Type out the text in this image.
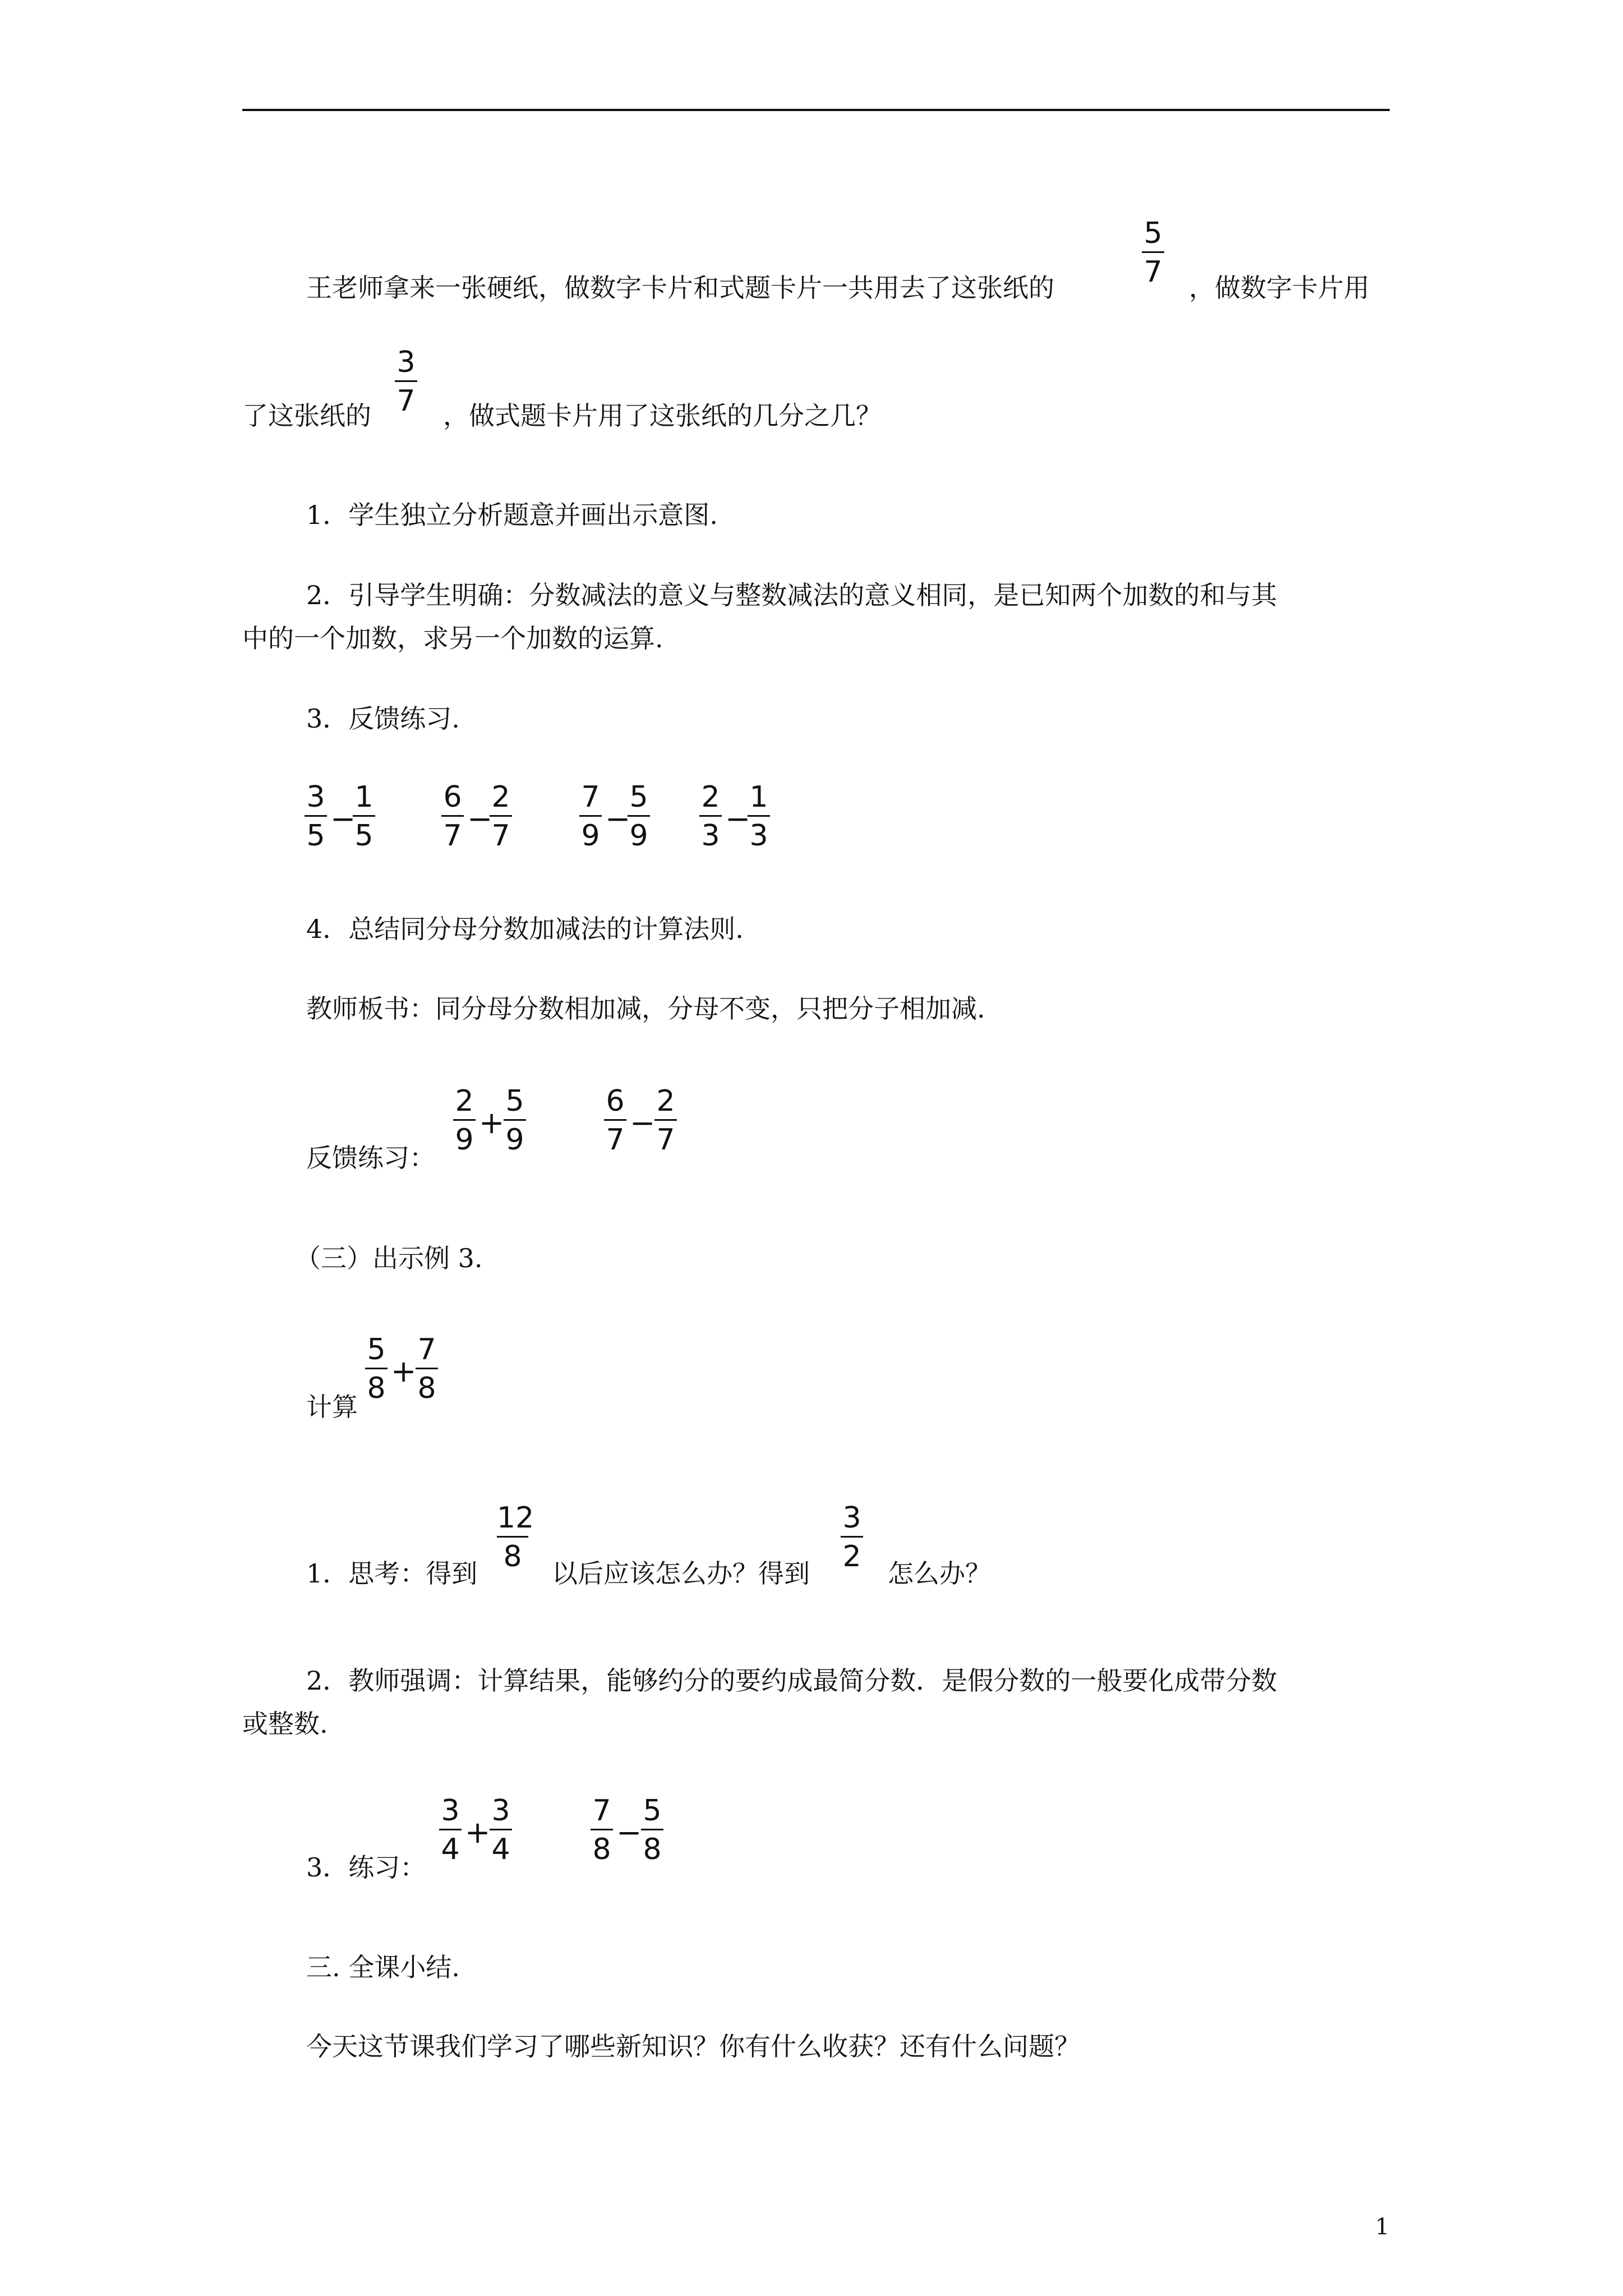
王老师拿来一张硬纸，做数字卡片和式题卡片一共用去了这张纸的
5
7 ，做数字卡片用
了这张纸的
3
7 ，做式题卡片用了这张纸的几分之几？
1．学生独立分析题意并画出示意图.
2．引导学生明确：分数减法的意义与整数减法的意义相同，是已知两个加数的和与其
中的一个加数，求另一个加数的运算.
3．反馈练习.
3
5 −
1
5
6
7 −
2
7
7
9 −
5
9
2
3 −
1
3
4．总结同分母分数加减法的计算法则.
教师板书：同分母分数相加减，分母不变，只把分子相加减.
反馈练习：
2
9 +
5
9
6
7 −
2
7
（三）出示例 3.
计算
5
8 +
7
8
1．思考：得到
12
8 以后应该怎么办？得到
3
2 怎么办？
2．教师强调：计算结果，能够约分的要约成最简分数．是假分数的一般要化成带分数
或整数.
3．练习：
3
4 +
3
4
7
8 −
5
8
三. 全课小结.
今天这节课我们学习了哪些新知识？你有什么收获？还有什么问题？
1
